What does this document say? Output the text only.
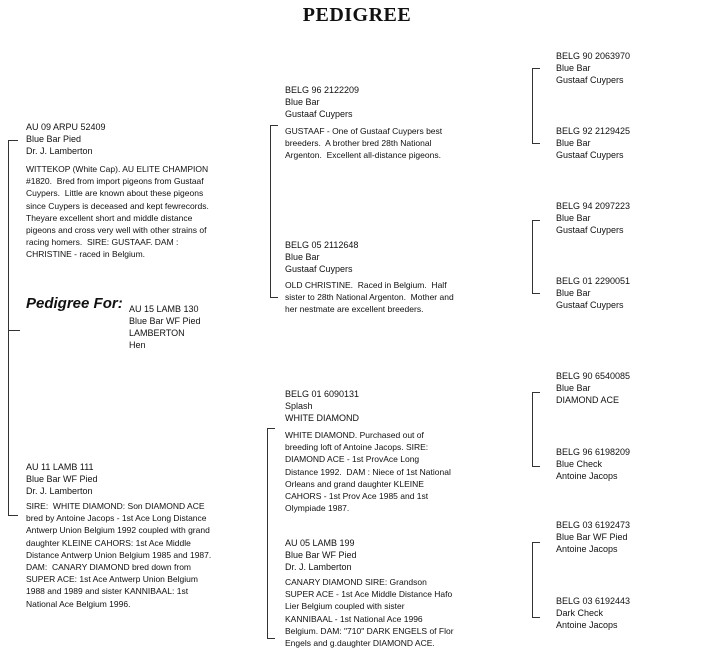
PEDIGREE
AU 09 ARPU 52409
Blue Bar Pied
Dr. J. Lamberton
WITTEKOP (White Cap). AU ELITE CHAMPION
#1820.  Bred from import pigeons from Gustaaf
Cuypers.  Little are known about these pigeons
since Cuypers is deceased and kept fewrecords.
Theyare excellent short and middle distance
pigeons and cross very well with other strains of
racing homers.  SIRE: GUSTAAF. DAM :
CHRISTINE - raced in Belgium.
Pedigree For: AU 15 LAMB 130
Blue Bar WF Pied
LAMBERTON
Hen
AU 11 LAMB 111
Blue Bar WF Pied
Dr. J. Lamberton
SIRE:  WHITE DIAMOND: Son DIAMOND ACE
bred by Antoine Jacops - 1st Ace Long Distance
Antwerp Union Belgium 1992 coupled with grand
daughter KLEINE CAHORS: 1st Ace Middle
Distance Antwerp Union Belgium 1985 and 1987.
DAM:  CANARY DIAMOND bred down from
SUPER ACE: 1st Ace Antwerp Union Belgium
1988 and 1989 and sister KANNIBAAL: 1st
National Ace Belgium 1996.
BELG 96 2122209
Blue Bar
Gustaaf Cuypers
GUSTAAF - One of Gustaaf Cuypers best
breeders.  A brother bred 28th National
Argenton.  Excellent all-distance pigeons.
BELG 05 2112648
Blue Bar
Gustaaf Cuypers
OLD CHRISTINE.  Raced in Belgium.  Half
sister to 28th National Argenton.  Mother and
her nestmate are excellent breeders.
BELG 01 6090131
Splash
WHITE DIAMOND
WHITE DIAMOND. Purchased out of
breeding loft of Antoine Jacops. SIRE:
DIAMOND ACE - 1st ProvAce Long
Distance 1992.  DAM : Niece of 1st National
Orleans and grand daughter KLEINE
CAHORS - 1st Prov Ace 1985 and 1st
Olympiade 1987.
AU 05 LAMB 199
Blue Bar WF Pied
Dr. J. Lamberton
CANARY DIAMOND SIRE: Grandson
SUPER ACE - 1st Ace Middle Distance Hafo
Lier Belgium coupled with sister
KANNIBAAL - 1st National Ace 1996
Belgium. DAM: "710" DARK ENGELS of Flor
Engels and g.daughter DIAMOND ACE.
BELG 90 2063970
Blue Bar
Gustaaf Cuypers
BELG 92 2129425
Blue Bar
Gustaaf Cuypers
BELG 94 2097223
Blue Bar
Gustaaf Cuypers
BELG 01 2290051
Blue Bar
Gustaaf Cuypers
BELG 90 6540085
Blue Bar
DIAMOND ACE
BELG 96 6198209
Blue Check
Antoine Jacops
BELG 03 6192473
Blue Bar WF Pied
Antoine Jacops
BELG 03 6192443
Dark Check
Antoine Jacops
